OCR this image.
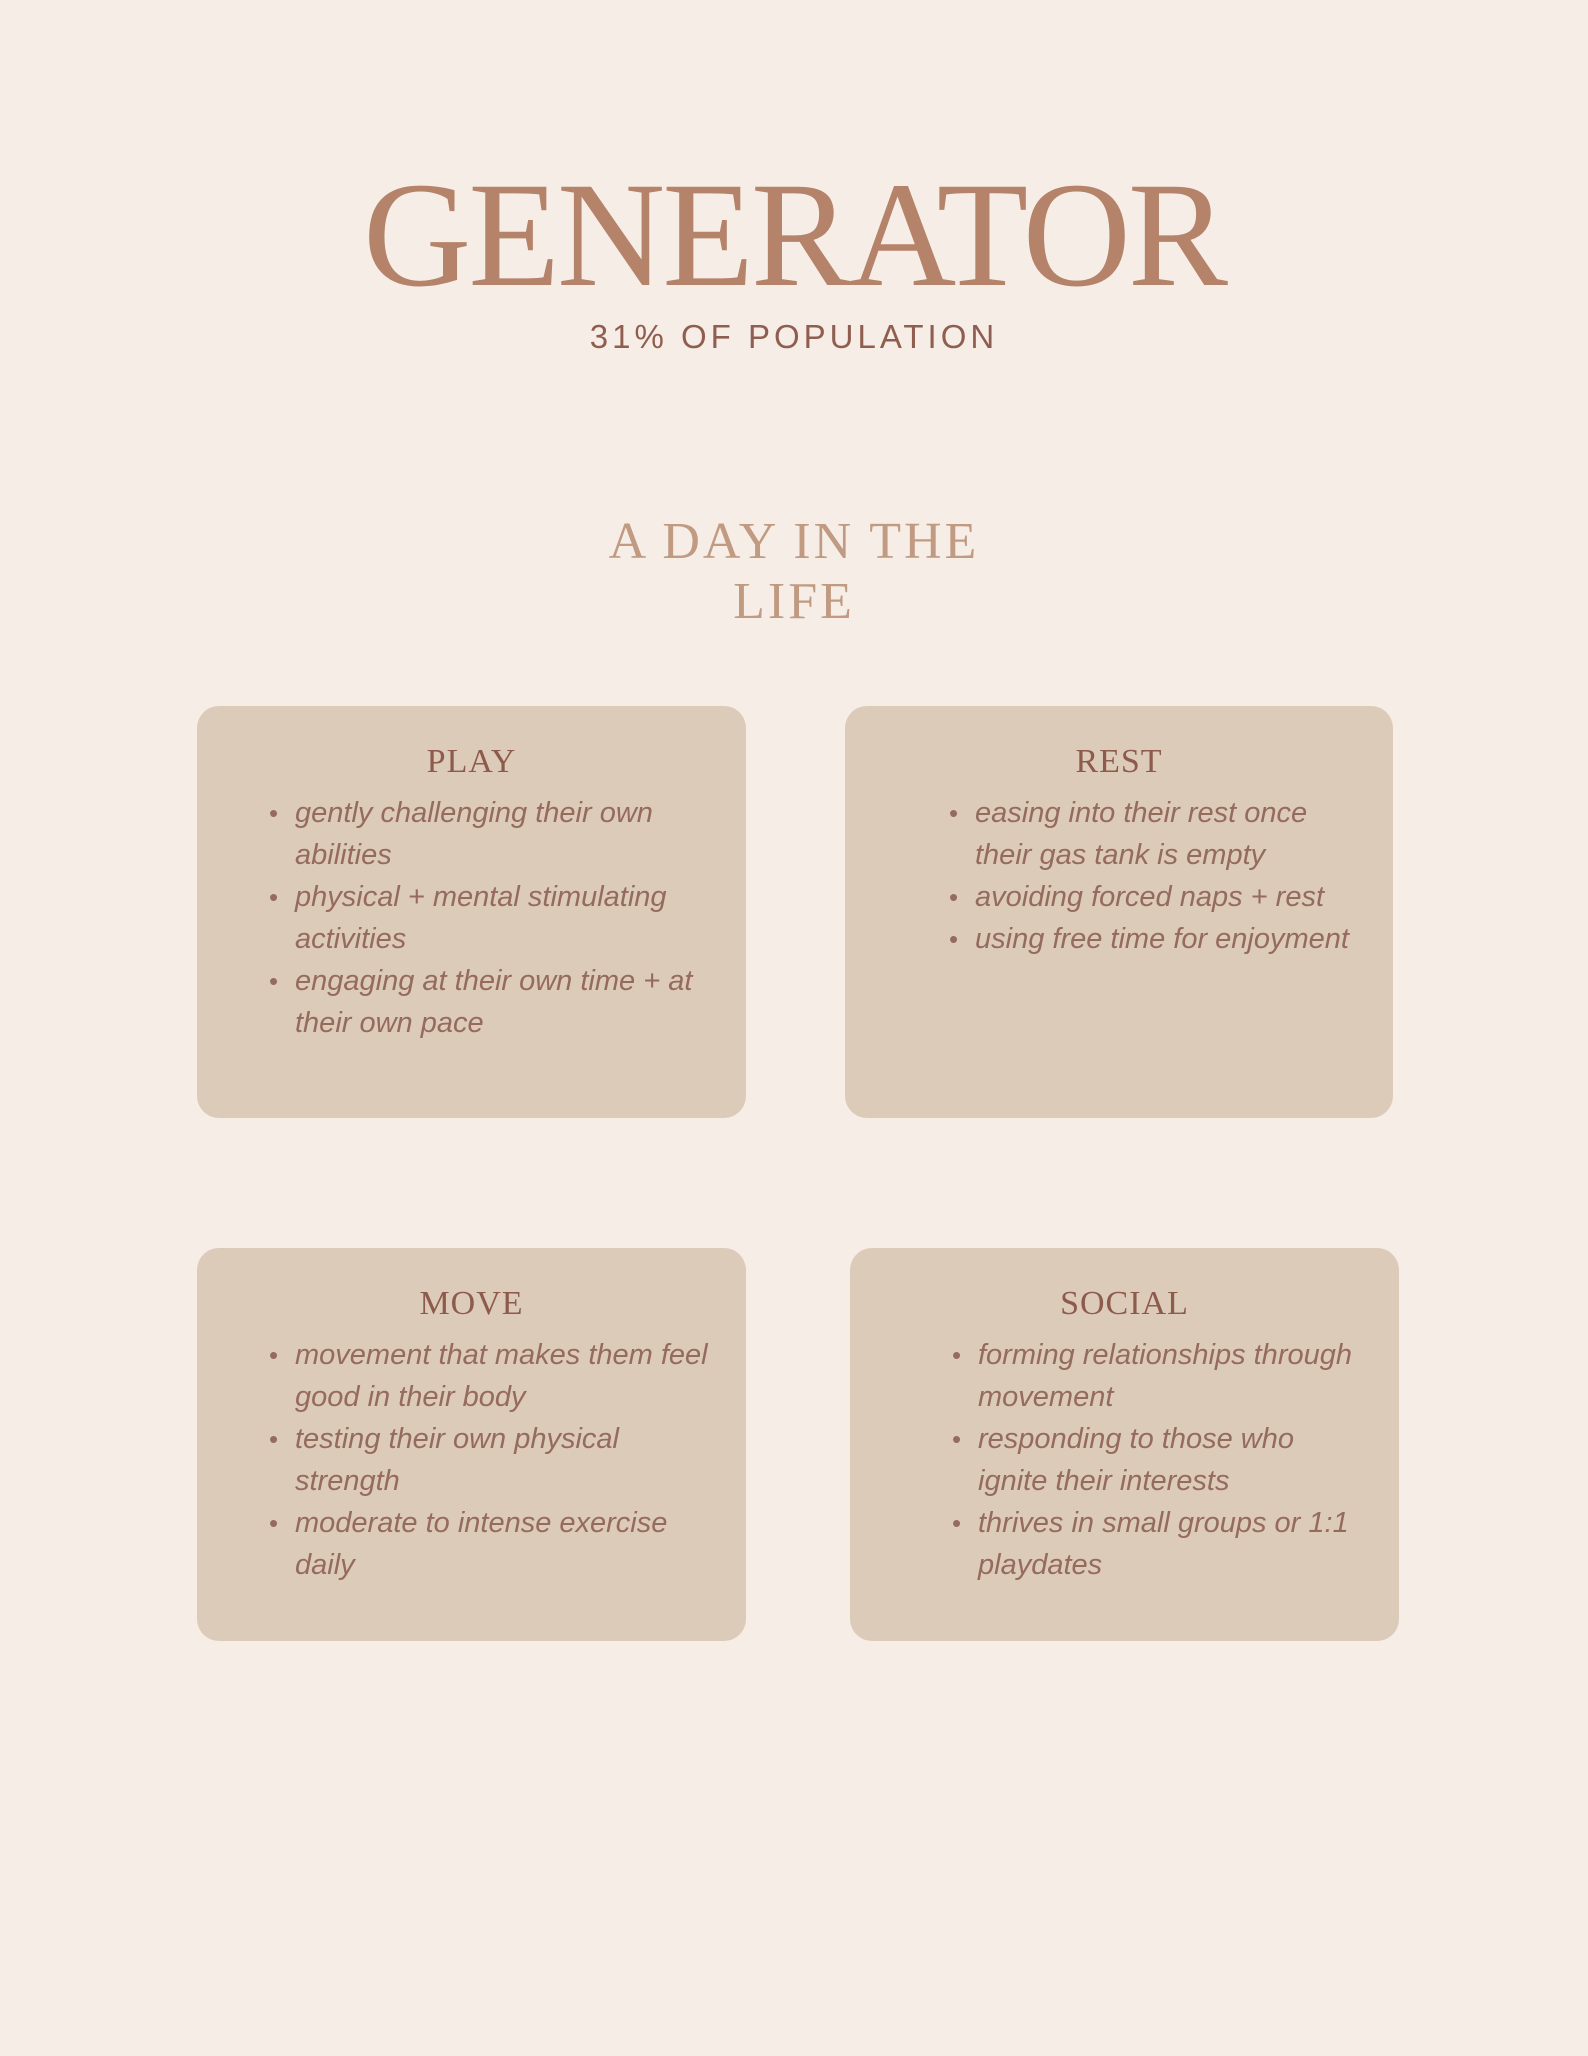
GENERATOR

31% OF POPULATION

A DAY IN THE
LIFE
PLAY
• gently challenging their own abilities
• physical + mental stimulating activities
• engaging at their own time + at their own pace
REST
• easing into their rest once their gas tank is empty
• avoiding forced naps + rest
• using free time for enjoyment
MOVE
• movement that makes them feel good in their body
• testing their own physical strength
• moderate to intense exercise daily
SOCIAL
• forming relationships through movement
• responding to those who ignite their interests
• thrives in small groups or 1:1 playdates
